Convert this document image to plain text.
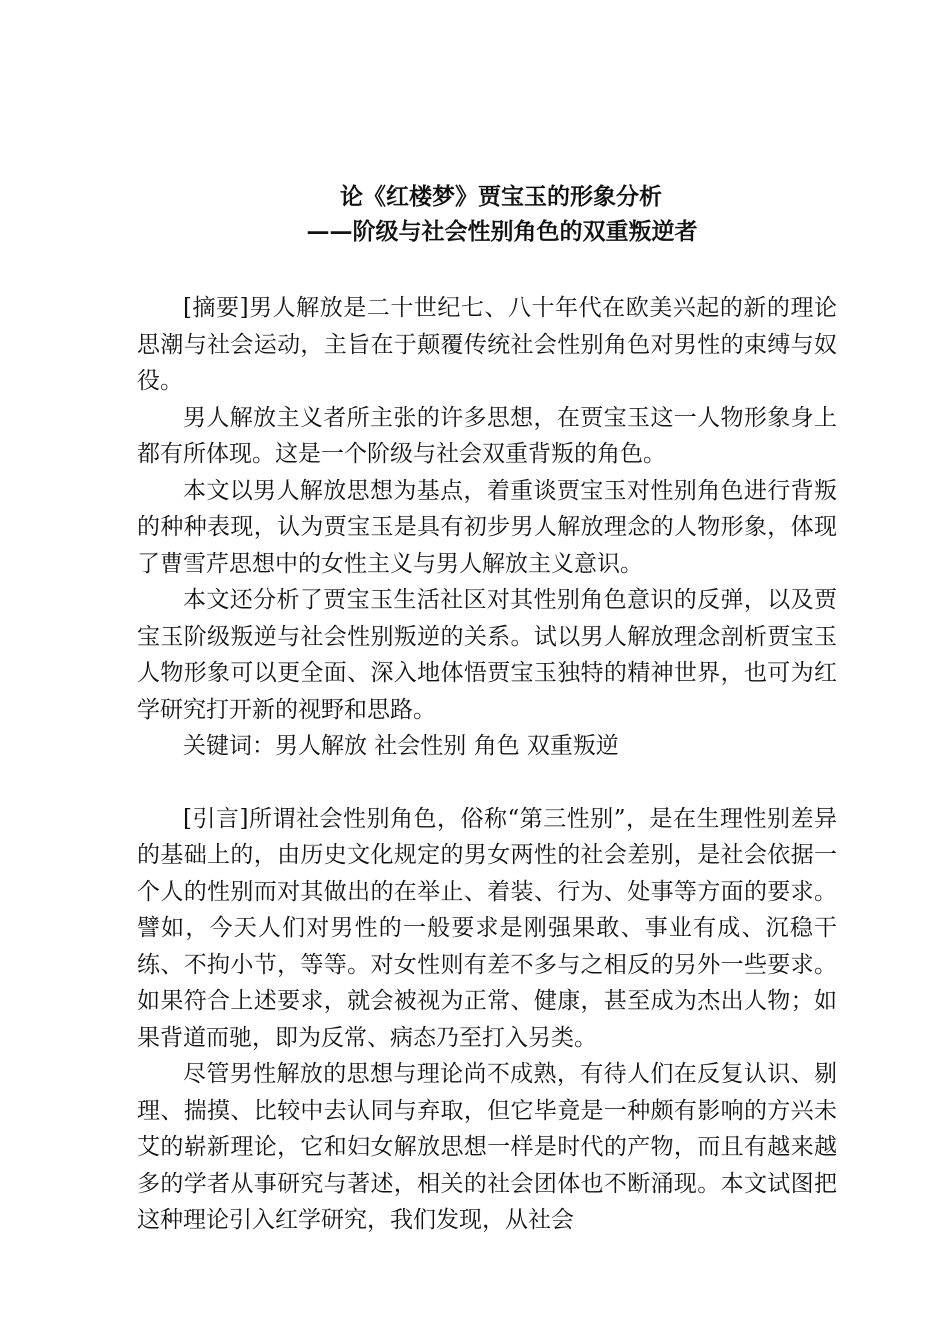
论《红楼梦》贾宝玉的形象分析
——阶级与社会性别角色的双重叛逆者

[摘要]男人解放是二十世纪七、八十年代在欧美兴起的新的理论思潮与社会运动，主旨在于颠覆传统社会性别角色对男性的束缚与奴役。

男人解放主义者所主张的许多思想，在贾宝玉这一人物形象身上都有所体现。这是一个阶级与社会双重背叛的角色。

本文以男人解放思想为基点，着重谈贾宝玉对性别角色进行背叛的种种表现，认为贾宝玉是具有初步男人解放理念的人物形象，体现了曹雪芹思想中的女性主义与男人解放主义意识。

本文还分析了贾宝玉生活社区对其性别角色意识的反弹，以及贾宝玉阶级叛逆与社会性别叛逆的关系。试以男人解放理念剖析贾宝玉人物形象可以更全面、深入地体悟贾宝玉独特的精神世界，也可为红学研究打开新的视野和思路。

关键词：男人解放 社会性别 角色 双重叛逆

[引言]所谓社会性别角色，俗称“第三性别”，是在生理性别差异的基础上的，由历史文化规定的男女两性的社会差别，是社会依据一个人的性别而对其做出的在举止、着装、行为、处事等方面的要求。譬如，今天人们对男性的一般要求是刚强果敢、事业有成、沉稳干练、不拘小节，等等。对女性则有差不多与之相反的另外一些要求。如果符合上述要求，就会被视为正常、健康，甚至成为杰出人物；如果背道而驰，即为反常、病态乃至打入另类。

尽管男性解放的思想与理论尚不成熟，有待人们在反复认识、剔理、揣摸、比较中去认同与弃取，但它毕竟是一种颇有影响的方兴未艾的崭新理论，它和妇女解放思想一样是时代的产物，而且有越来越多的学者从事研究与著述，相关的社会团体也不断涌现。本文试图把这种理论引入红学研究，我们发现，从社会
